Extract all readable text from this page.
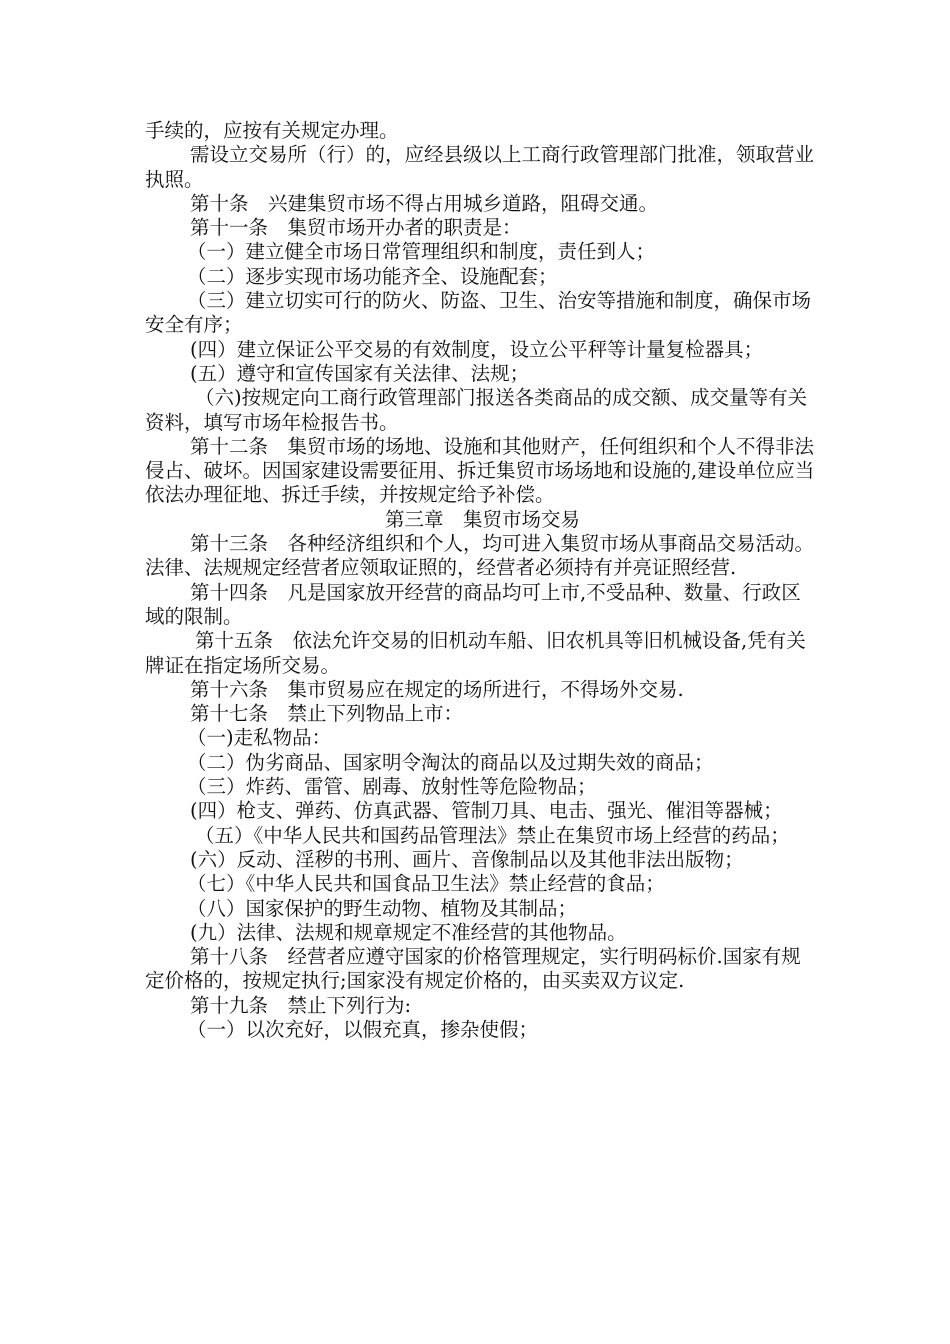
手续的，应按有关规定办理。

需设立交易所（行）的，应经县级以上工商行政管理部门批准，领取营业执照。

第十条　兴建集贸市场不得占用城乡道路，阻碍交通。

第十一条　集贸市场开办者的职责是：

（一）建立健全市场日常管理组织和制度，责任到人；

（二）逐步实现市场功能齐全、设施配套；

（三）建立切实可行的防火、防盗、卫生、治安等措施和制度，确保市场安全有序；

(四）建立保证公平交易的有效制度，设立公平秤等计量复检器具；

(五）遵守和宣传国家有关法律、法规；

（六)按规定向工商行政管理部门报送各类商品的成交额、成交量等有关资料，填写市场年检报告书。

第十二条　集贸市场的场地、设施和其他财产，任何组织和个人不得非法侵占、破坏。因国家建设需要征用、拆迁集贸市场场地和设施的,建设单位应当依法办理征地、拆迁手续，并按规定给予补偿。

第三章　集贸市场交易

第十三条　各种经济组织和个人，均可进入集贸市场从事商品交易活动。法律、法规规定经营者应领取证照的，经营者必须持有并亮证照经营.

第十四条　凡是国家放开经营的商品均可上市,不受品种、数量、行政区域的限制。

第十五条　依法允许交易的旧机动车船、旧农机具等旧机械设备,凭有关牌证在指定场所交易。

第十六条　集市贸易应在规定的场所进行，不得场外交易.

第十七条　禁止下列物品上市：

（一)走私物品：

（二）伪劣商品、国家明令淘汰的商品以及过期失效的商品；

（三）炸药、雷管、剧毒、放射性等危险物品；

(四）枪支、弹药、仿真武器、管制刀具、电击、强光、催泪等器械；

（五）《中华人民共和国药品管理法》禁止在集贸市场上经营的药品；

(六）反动、淫秽的书刑、画片、音像制品以及其他非法出版物；

（七）《中华人民共和国食品卫生法》禁止经营的食品；

（八）国家保护的野生动物、植物及其制品；

(九）法律、法规和规章规定不准经营的其他物品。

第十八条　经营者应遵守国家的价格管理规定，实行明码标价.国家有规定价格的，按规定执行;国家没有规定价格的，由买卖双方议定.

第十九条　禁止下列行为:

（一）以次充好，以假充真，掺杂使假；
